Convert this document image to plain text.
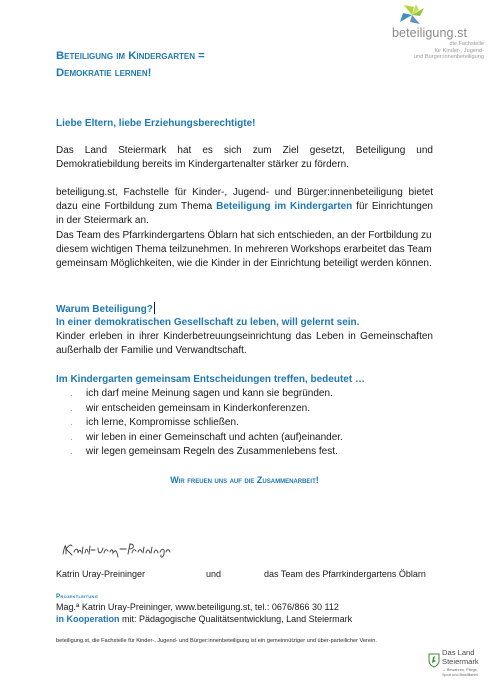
beteiligung.st
die Fachstelle
für Kinder-, Jugend-
und Bürger:innenbeteiligung
Beteiligung im Kindergarten =
Demokratie lernen!
Liebe Eltern, liebe Erziehungsberechtigte!
Das Land Steiermark hat es sich zum Ziel gesetzt, Beteiligung und Demokratiebildung bereits im Kindergartenalter stärker zu fördern.
beteiligung.st, Fachstelle für Kinder-, Jugend- und Bürger:innenbeteiligung bietet dazu eine Fortbildung zum Thema Beteiligung im Kindergarten für Einrichtungen in der Steiermark an.
Das Team des Pfarrkindergartens Öblarn hat sich entschieden, an der Fortbildung zu diesem wichtigen Thema teilzunehmen. In mehreren Workshops erarbeitet das Team gemeinsam Möglichkeiten, wie die Kinder in der Einrichtung beteiligt werden können.
Warum Beteiligung?
In einer demokratischen Gesellschaft zu leben, will gelernt sein.
Kinder erleben in ihrer Kinderbetreuungseinrichtung das Leben in Gemeinschaften außerhalb der Familie und Verwandtschaft.
Im Kindergarten gemeinsam Entscheidungen treffen, bedeutet …
. ich darf meine Meinung sagen und kann sie begründen.
. wir entscheiden gemeinsam in Kinderkonferenzen.
. ich lerne, Kompromisse schließen.
. wir leben in einer Gemeinschaft und achten (auf)einander.
. wir legen gemeinsam Regeln des Zusammenlebens fest.
Wir freuen uns auf die Zusammenarbeit!
Katrin Uray-Preininger	und	das Team des Pfarrkindergartens Öblarn
Projektleitung
Mag.ª Katrin Uray-Preininger, www.beteiligung.st, tel.: 0676/866 30 112
in Kooperation mit: Pädagogische Qualitätsentwicklung, Land Steiermark
beteiligung.st, die Fachstelle für Kinder-, Jugend- und Bürger:innenbeteiligung ist ein gemeinnütziger und über-parteilicher Verein.
Das Land
Steiermark
→ Bewahren, Pflege, Sport und Bewillianbt
